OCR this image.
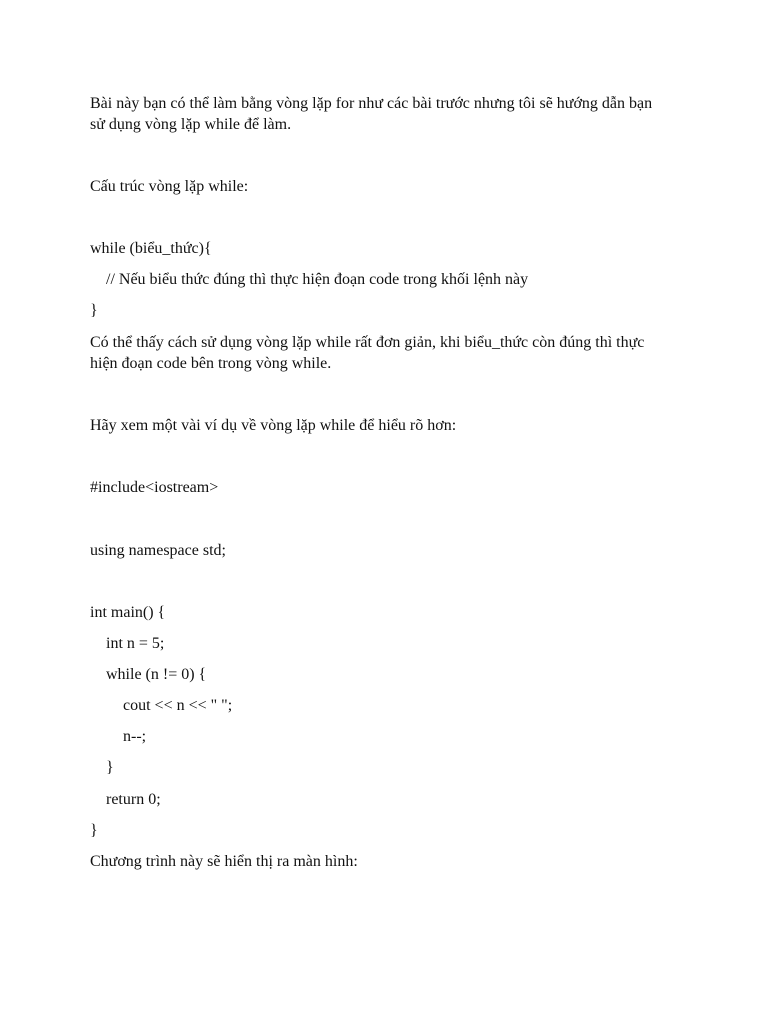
Bài này bạn có thể làm bằng vòng lặp for như các bài trước nhưng tôi sẽ hướng dẫn bạn
sử dụng vòng lặp while để làm.
Cấu trúc vòng lặp while:
while (biểu_thức){
// Nếu biểu thức đúng thì thực hiện đoạn code trong khối lệnh này
}
Có thể thấy cách sử dụng vòng lặp while rất đơn giản, khi biểu_thức còn đúng thì thực
hiện đoạn code bên trong vòng while.
Hãy xem một vài ví dụ về vòng lặp while để hiểu rõ hơn:
#include<iostream>
using namespace std;
int main() {
int n = 5;
while (n != 0) {
cout << n << " ";
n--;
}
return 0;
}
Chương trình này sẽ hiển thị ra màn hình:
